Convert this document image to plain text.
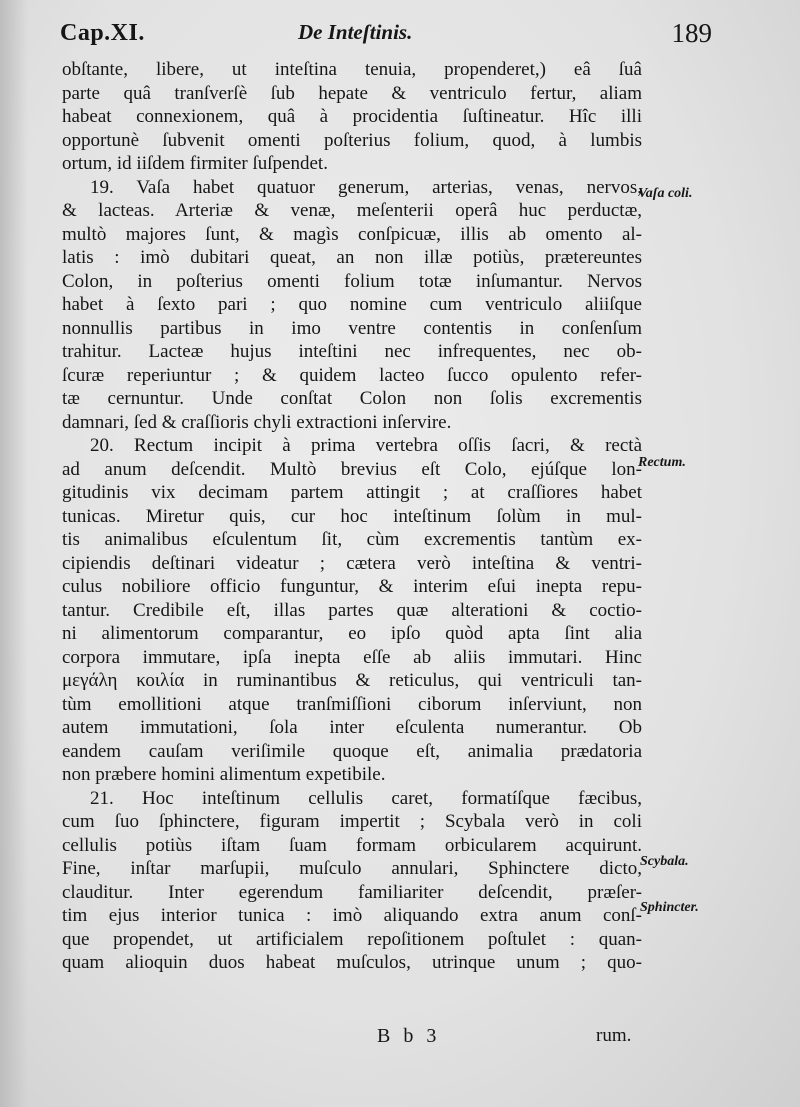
Cap.XI.	De Inteſtinis.	189
obſtante, libere, ut inteſtina tenuia, propenderet,) eâ ſuâ
parte quâ tranſverſè ſub hepate & ventriculo fertur, aliam
habeat connexionem, quâ à procidentia ſuſtineatur. Hîc illi
opportunè ſubvenit omenti poſterius folium, quod, à lumbis
ortum, id iiſdem firmiter ſuſpendet.
19. Vaſa habet quatuor generum, arterias, venas, nervos,
& lacteas. Arteriæ & venæ, meſenterii operâ huc perductæ,
multò majores ſunt, & magìs conſpicuæ, illis ab omento al-
latis : imò dubitari queat, an non illæ potiùs, prætereuntes
Colon, in poſterius omenti folium totæ inſumantur. Nervos
habet à ſexto pari ; quo nomine cum ventriculo aliiſque
nonnullis partibus in imo ventre contentis in conſenſum
trahitur. Lacteæ hujus inteſtini nec infrequentes, nec ob-
ſcuræ reperiuntur ; & quidem lacteo ſucco opulento refer-
tæ cernuntur. Unde conſtat Colon non ſolis excrementis
damnari, ſed & craſſioris chyli extractioni inſervire.
20. Rectum incipit à prima vertebra oſſis ſacri, & rectà
ad anum deſcendit. Multò brevius eſt Colo, ejúſque lon-
gitudinis vix decimam partem attingit ; at craſſiores habet
tunicas. Miretur quis, cur hoc inteſtinum ſolùm in mul-
tis animalibus eſculentum ſit, cùm excrementis tantùm ex-
cipiendis deſtinari videatur ; cætera verò inteſtina & ventri-
culus nobiliore officio funguntur, & interim eſui inepta repu-
tantur. Credibile eſt, illas partes quæ alterationi & coctio-
ni alimentorum comparantur, eo ipſo quòd apta ſint alia
corpora immutare, ipſa inepta eſſe ab aliis immutari. Hinc
μεγάλη κοιλία in ruminantibus & reticulus, qui ventriculi tan-
tùm emollitioni atque tranſmiſſioni ciborum inſerviunt, non
autem immutationi, ſola inter eſculenta numerantur. Ob
eandem cauſam veriſimile quoque eſt, animalia prædatoria
non præbere homini alimentum expetibile.
21. Hoc inteſtinum cellulis caret, formatíſque fæcibus,
cum ſuo ſphinctere, figuram impertit ; Scybala verò in coli
cellulis potiùs iſtam ſuam formam orbicularem acquirunt.
Fine, inſtar marſupii, muſculo annulari, Sphinctere dicto,
clauditur. Inter egerendum familiariter deſcendit, præſer-
tim ejus interior tunica : imò aliquando extra anum conſ-
que propendet, ut artificialem repoſitionem poſtulet : quan-
quam alioquin duos habeat muſculos, utrinque unum ; quo-
Vaſa coli.
Rectum.
Scybala.
Sphincter.
B b 3	rum.
